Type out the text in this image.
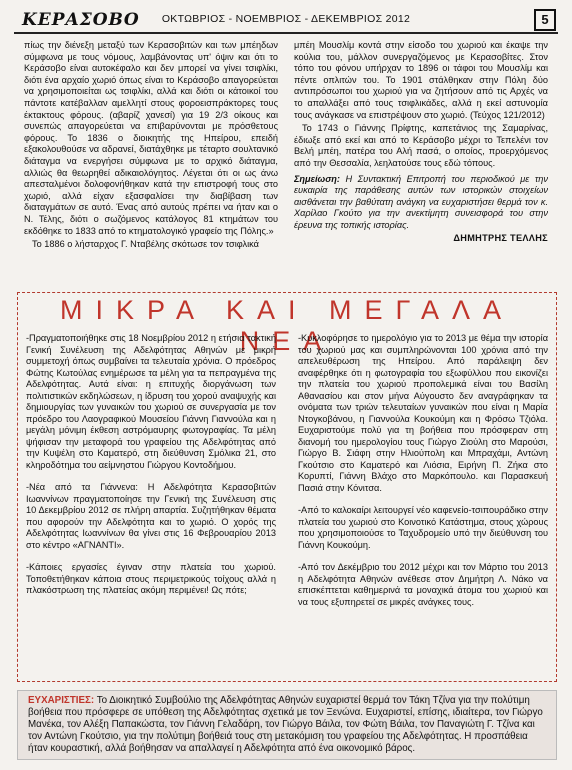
ΚΕΡΑΣΟΒΟ	ΟΚΤΩΒΡΙΟΣ - ΝΟΕΜΒΡΙΟΣ - ΔΕΚΕΜΒΡΙΟΣ 2012	5

πίως την διένεξη μεταξύ των Κερασοβιτών και των μπέηδων σύμφωνα με τους νόμους, λαμβάνοντας υπ' όψιν και ότι το Κεράσοβο είναι αυτοκέφαλο και δεν μπορεί να γίνει τσιφλίκι, διότι ένα αρχαίο χωριό όπως είναι το Κεράσοβο απαγορεύεται να χρησιμοποιείται ως τσιφλίκι, αλλά και διότι οι κάτοικοί του πάντοτε κατέβαλλαν αμελλητί στους φοροεισπράκτορες τους έκτακτους φόρους. (αβαρίζ χανεσί) για 19 2/3 οίκους και συνεπώς απαγορεύεται να επιβαρύνονται με πρόσθετους φόρους. Το 1836 ο διοικητής της Ηπείρου, επειδή εξακολουθούσε να αδρανεί, διατάχθηκε με τέταρτο σουλτανικό διάταγμα να ενεργήσει σύμφωνα με το αρχικό διάταγμα, αλλιώς θα θεωρηθεί αδικαιολόγητος. Λέγεται ότι οι ως άνω απεσταλμένοι δολοφονήθηκαν κατά την επιστροφή τους στο χωριό, αλλά είχαν εξασφαλίσει την διαβίβαση των διαταγμάτων σε αυτό. Ένας από αυτούς πρέπει να ήταν και ο Ν. Τέλης, διότι ο σωζόμενος κατάλογος 81 κτημάτων του εκδόθηκε το 1833 από το κτηματολογικό γραφείο της Πόλης.»

Το 1886 ο λήσταρχος Γ. Νταβέλης σκότωσε τον τσιφλικά

μπέη Μουσλίμ κοντά στην είσοδο του χωριού και έκαψε την κούλια του, μάλλον συνεργαζόμενος με Κερασοβίτες. Στον τόπο του φόνου υπήρχαν το 1896 οι τάφοι του Μουσλίμ και πέντε οπλιτών του. Το 1901 στάλθηκαν στην Πόλη δύο αντιπρόσωποι του χωριού για να ζητήσουν από τις Αρχές να το απαλλάξει από τους τσιφλικάδες, αλλά η εκεί αστυνομία τους ανάγκασε να επιστρέψουν στο χωριό. (Τεύχος 121/2012)

Το 1743 ο Γιάννης Πρίφτης, καπετάνιος της Σαμαρίνας, έδιωξε από εκεί και από το Κεράσοβο μέχρι το Τεπελένι τον Βελή μπέη, πατέρα του Αλή πασά, ο οποίος, προερχόμενος από την Θεσσαλία, λεηλατούσε τους εδώ τόπους.

Σημείωση: Η Συντακτική Επιτροπή του περιοδικού με την ευκαιρία της παράθεσης αυτών των ιστορικών στοιχείων αισθάνεται την βαθύτατη ανάγκη να ευχαριστήσει θερμά τον κ. Χαρίλαο Γκούτο για την ανεκτίμητη συνεισφορά του στην έρευνα της τοπικής ιστορίας.
ΔΗΜΗΤΡΗΣ ΤΕΛΛΗΣ
ΜΙΚΡΑ ΚΑΙ ΜΕΓΑΛΑ ΝΕΑ

-Πραγματοποιήθηκε στις 18 Νοεμβρίου 2012 η ετήσια τακτική Γενική Συνέλευση της Αδελφότητας Αθηνών με μικρή συμμετοχή όπως συμβαίνει τα τελευταία χρόνια. Ο πρόεδρος Φώτης Κωτούλας ενημέρωσε τα μέλη για τα πεπραγμένα της Αδελφότητας. Αυτά είναι: η επιτυχής διοργάνωση των πολιτιστικών εκδηλώσεων, η ίδρυση του χορού αναψυχής και δημιουργίας των γυναικών του χωριού σε συνεργασία με τον πρόεδρο του Λαογραφικού Μουσείου Γιάννη Γιαννούλα και η μεγάλη μόνιμη έκθεση αστρόμαυρης φωτογραφίας. Τα μέλη ψήφισαν την μεταφορά του γραφείου της Αδελφότητας από την Κυψέλη στο Καματερό, στη διεύθυνση Σμόλικα 21, στο κληροδότημα του αείμνηστου Γιώργου Κοντοδήμου.

-Νέα από τα Γιάννενα: Η Αδελφότητα Κερασοβιτών Ιωαννίνων πραγματοποίησε την Γενική της Συνέλευση στις 10 Δεκεμβρίου 2012 σε πλήρη απαρτία. Συζητήθηκαν θέματα που αφορούν την Αδελφότητα και το χωριό. Ο χορός της Αδελφότητας Ιωαννίνων θα γίνει στις 16 Φεβρουαρίου 2013 στο κέντρο «ΑΓΝΑΝΤΙ».

-Κάποιες εργασίες έγιναν στην πλατεία του χωριού. Τοποθετήθηκαν κάποια στους περιμετρικούς τοίχους αλλά η πλακόστρωση της πλατείας ακόμη περιμένει! Ως πότε;

-Κυκλοφόρησε το ημερολόγιο για το 2013 με θέμα την ιστορία του χωριού μας και συμπληρώνονται 100 χρόνια από την απελευθέρωση της Ηπείρου. Από παράλειψη δεν αναφέρθηκε ότι η φωτογραφία του εξωφύλλου που εικονίζει την πλατεία του χωριού προπολεμικά είναι του Βασίλη Αθανασίου και στον μήνα Αύγουστο δεν αναγράφηκαν τα ονόματα των τριών τελευταίων γυναικών που είναι η Μαρία Ντογκοβάνου, η Γιαννούλα Κουκούμη και η Φρόσω Τζιόλα. Ευχαριστούμε πολύ για τη βοήθεια που πρόσφεραν στη διανομή του ημερολογίου τους Γιώργο Ζιούλη στο Μαρούσι, Γιώργο Β. Σιάφη στην Ηλιούπολη και Μπραχάμι, Αντώνη Γκούτσιο στο Καματερό και Λιόσια, Ειρήνη Π. Ζήκα στο Κορυπτί, Γιάννη Βλάχο στο Μαρκόπουλο. και Παρασκευή Πασιά στην Κόνιτσα.

-Από το καλοκαίρι λειτουργεί νέο καφενείο-τσιπουράδικο στην πλατεία του χωριού στο Κοινοτικό Κατάστημα, στους χώρους που χρησιμοποιούσε το Ταχυδρομείο υπό την διεύθυνση του Γιάννη Κουκούμη.

-Από τον Δεκέμβριο του 2012 μέχρι και τον Μάρτιο του 2013 η Αδελφότητα Αθηνών ανέθεσε στον Δημήτρη Λ. Νάκο να επισκέπτεται καθημερινά τα μοναχικά άτομα του χωριού και να τους εξυπηρετεί σε μικρές ανάγκες τους.

ΕΥΧΑΡΙΣΤΙΕΣ: Το Διοικητικό Συμβούλιο της Αδελφότητας Αθηνών ευχαριστεί θερμά τον Τάκη Τζίνα για την πολύτιμη βοήθεια που πρόσφερε σε υπόθεση της Αδελφότητας σχετικά με τον Ξενώνα. Ευχαριστεί, επίσης, ιδιαίτερα, τον Γιώργο Μανέκα, τον Αλέξη Παπακώστα, τον Γιάννη Γελαδάρη, τον Γιώργο Βάιλα, τον Φώτη Βάιλα, τον Παναγιώτη Γ. Τζίνα και τον Αντώνη Γκούτσιο, για την πολύτιμη βοήθειά τους στη μετακόμιση του γραφείου της Αδελφότητας. Η προσπάθεια ήταν κουραστική, αλλά βοήθησαν να απαλλαγεί η Αδελφότητα από ένα οικονομικό βάρος.
